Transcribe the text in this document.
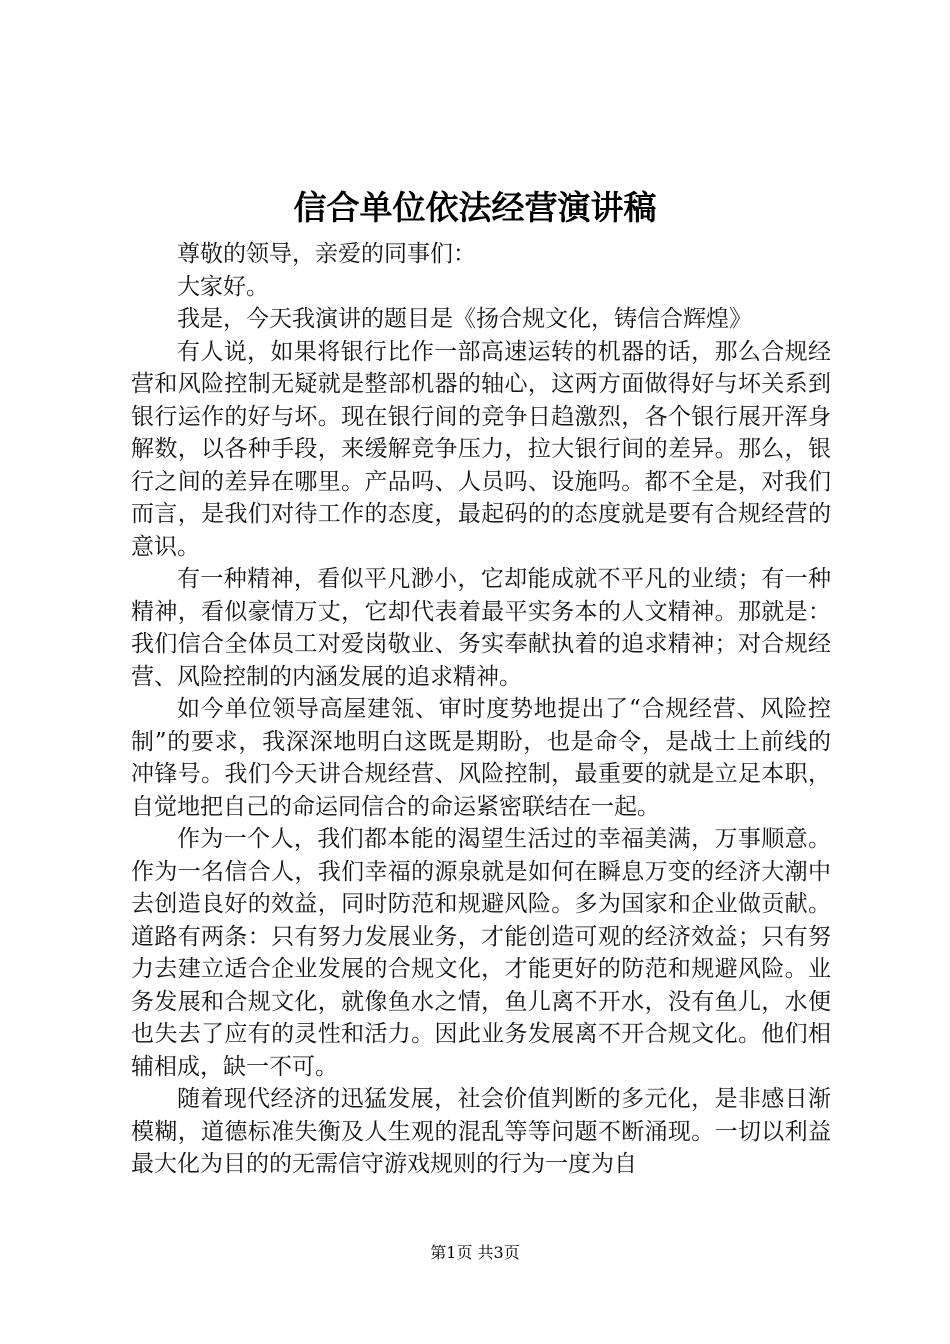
信合单位依法经营演讲稿

尊敬的领导，亲爱的同事们：

大家好。

我是，今天我演讲的题目是《扬合规文化，铸信合辉煌》

有人说，如果将银行比作一部高速运转的机器的话，那么合规经营和风险控制无疑就是整部机器的轴心，这两方面做得好与坏关系到银行运作的好与坏。现在银行间的竞争日趋激烈，各个银行展开浑身解数，以各种手段，来缓解竞争压力，拉大银行间的差异。那么，银行之间的差异在哪里。产品吗、人员吗、设施吗。都不全是，对我们而言，是我们对待工作的态度，最起码的的态度就是要有合规经营的意识。

有一种精神，看似平凡渺小，它却能成就不平凡的业绩；有一种精神，看似豪情万丈，它却代表着最平实务本的人文精神。那就是：我们信合全体员工对爱岗敬业、务实奉献执着的追求精神；对合规经营、风险控制的内涵发展的追求精神。

如今单位领导高屋建瓴、审时度势地提出了“合规经营、风险控制”的要求，我深深地明白这既是期盼，也是命令，是战士上前线的冲锋号。我们今天讲合规经营、风险控制，最重要的就是立足本职，自觉地把自己的命运同信合的命运紧密联结在一起。

作为一个人，我们都本能的渴望生活过的幸福美满，万事顺意。作为一名信合人，我们幸福的源泉就是如何在瞬息万变的经济大潮中去创造良好的效益，同时防范和规避风险。多为国家和企业做贡献。道路有两条：只有努力发展业务，才能创造可观的经济效益；只有努力去建立适合企业发展的合规文化，才能更好的防范和规避风险。业务发展和合规文化，就像鱼水之情，鱼儿离不开水，没有鱼儿，水便也失去了应有的灵性和活力。因此业务发展离不开合规文化。他们相辅相成，缺一不可。

随着现代经济的迅猛发展，社会价值判断的多元化，是非感日渐模糊，道德标准失衡及人生观的混乱等等问题不断涌现。一切以利益最大化为目的的无需信守游戏规则的行为一度为自

第1页 共3页
